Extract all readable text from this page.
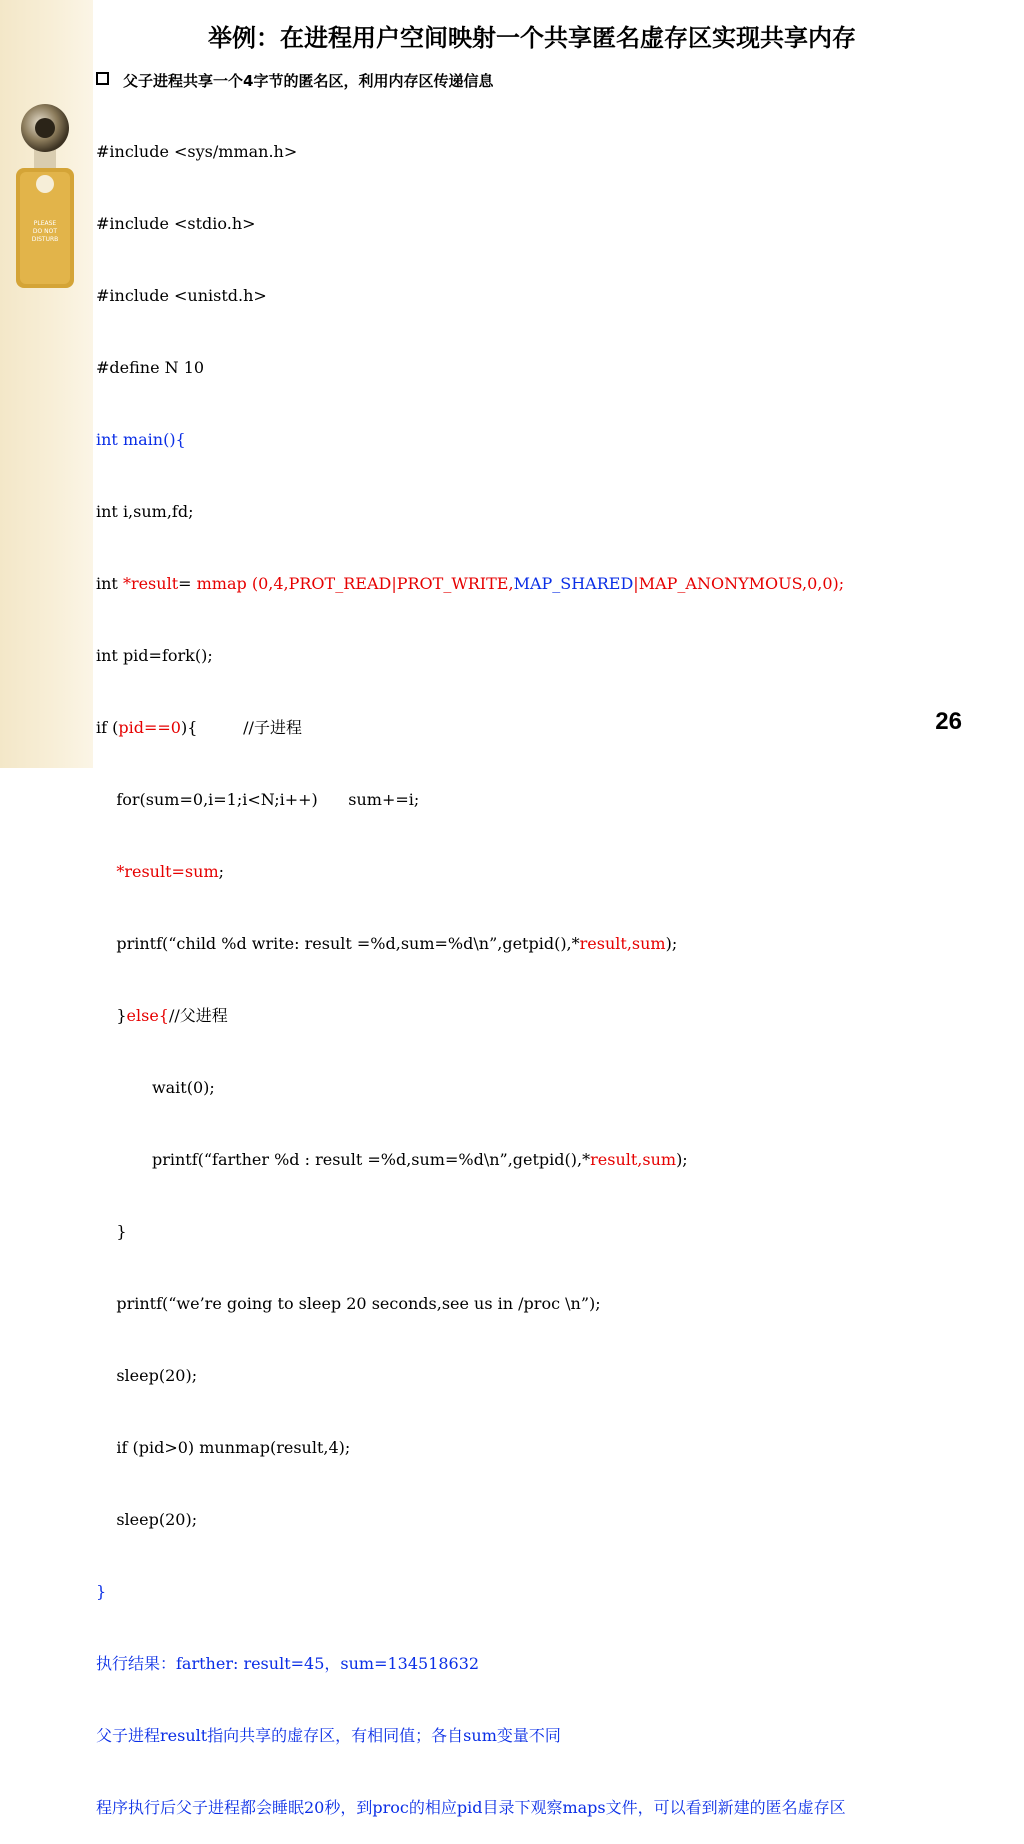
PLEASE
DO NOT
DISTURB
举例：在进程用户空间映射一个共享匿名虚存区实现共享内存
父子进程共享一个4字节的匿名区，利用内存区传递信息

#include <sys/mman.h>

#include <stdio.h>

#include <unistd.h>

#define N 10

int main(){

int i,sum,fd;

int *result= mmap (0,4,PROT_READ|PROT_WRITE,MAP_SHARED|MAP_ANONYMOUS,0,0);

int pid=fork();

if (pid==0){         //子进程

for(sum=0,i=1;i<N;i++)      sum+=i;

*result=sum;

printf(“child %d write: result =%d,sum=%d\n”,getpid(),*result,sum);

}else{//父进程

wait(0);

printf(“farther %d : result =%d,sum=%d\n”,getpid(),*result,sum);

}

printf(“we’re going to sleep 20 seconds,see us in /proc \n”);

sleep(20);

if (pid>0) munmap(result,4);

sleep(20);

}

执行结果：farther: result=45，sum=134518632

父子进程result指向共享的虚存区，有相同值；各自sum变量不同

程序执行后父子进程都会睡眠20秒，到proc的相应pid目录下观察maps文件，可以看到新建的匿名虚存区

26
